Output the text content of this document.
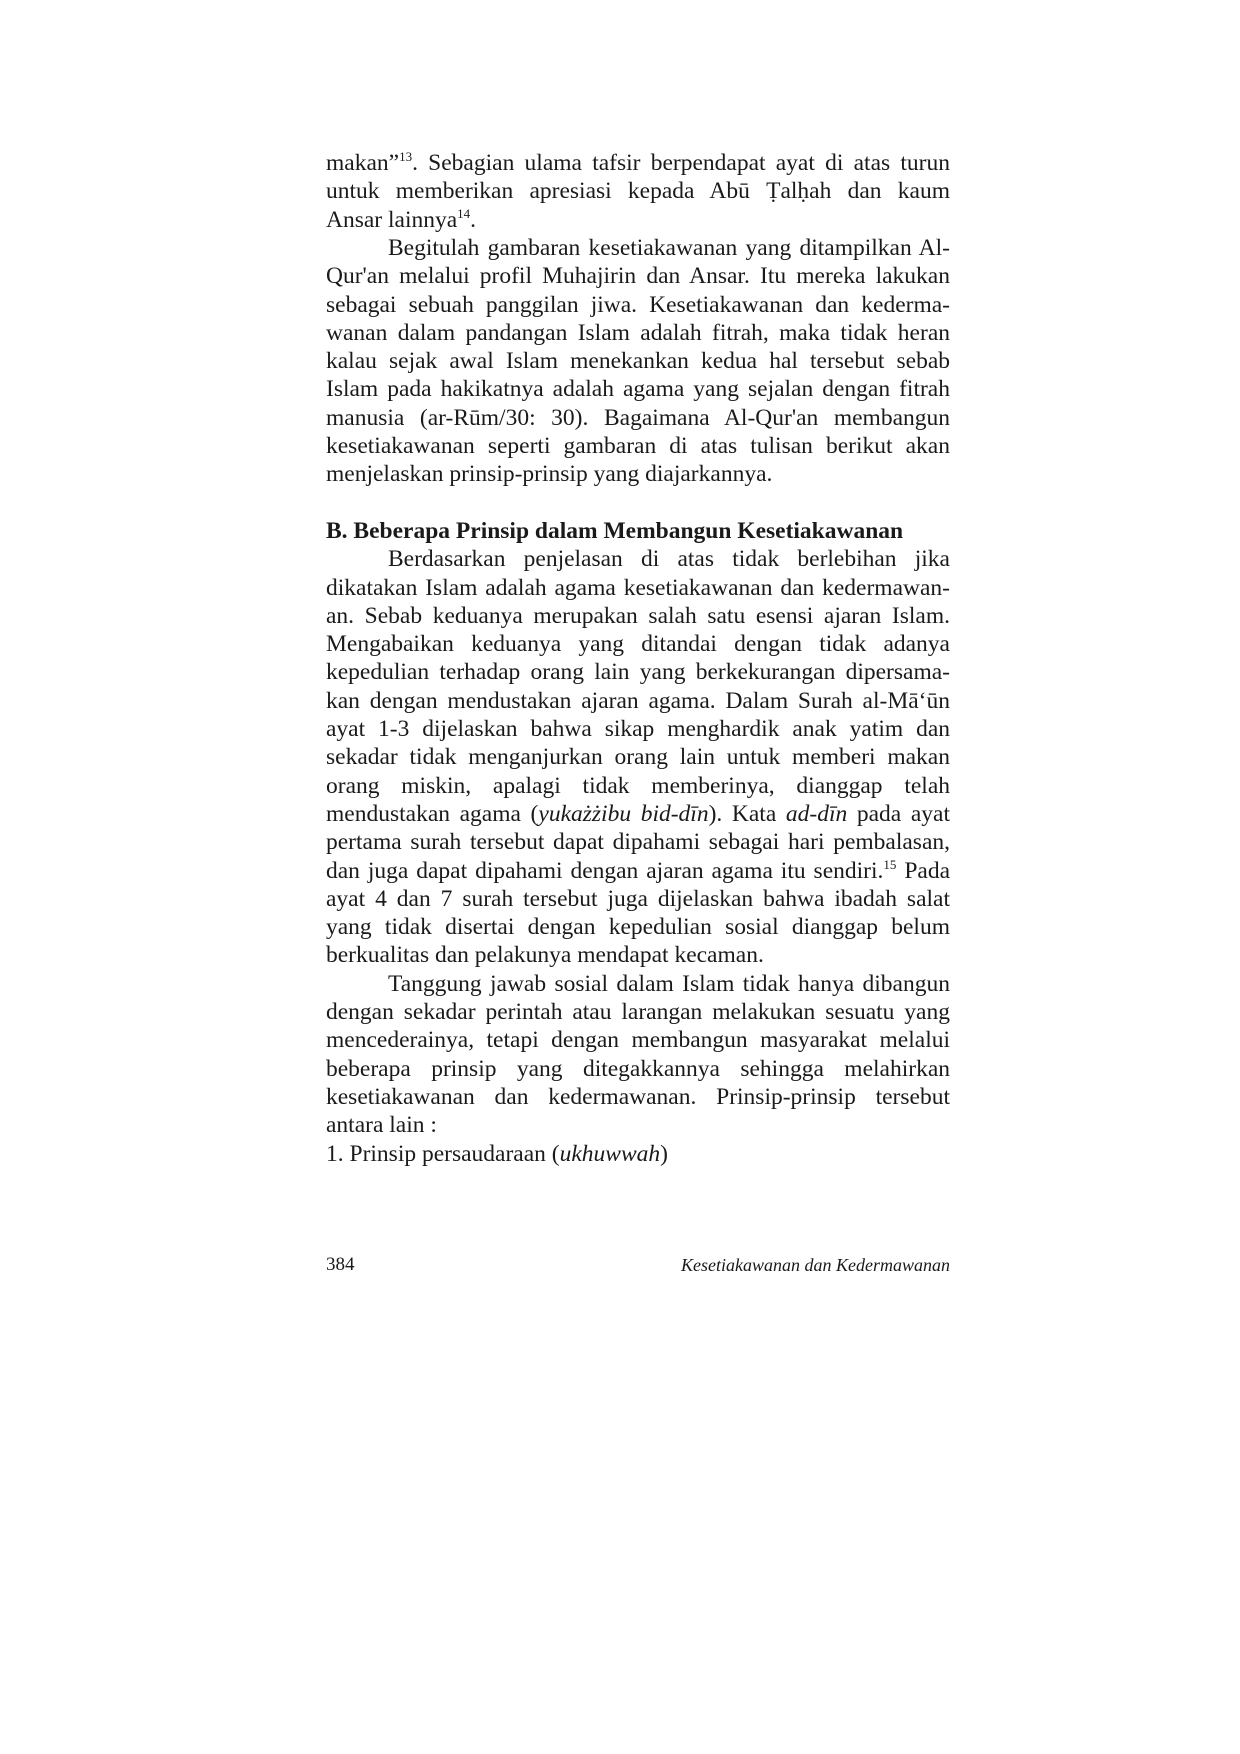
makan”$^{13}$. Sebagian ulama tafsir berpendapat ayat di atas turun
untuk memberikan apresiasi kepada Abū Ṭalḥah dan kaum
Ansar lainnya$^{14}$.
Begitulah gambaran kesetiakawanan yang ditampilkan Al-
Qur'an melalui profil Muhajirin dan Ansar. Itu mereka lakukan
sebagai sebuah panggilan jiwa. Kesetiakawanan dan kederma-
wanan dalam pandangan Islam adalah fitrah, maka tidak heran
kalau sejak awal Islam menekankan kedua hal tersebut sebab
Islam pada hakikatnya adalah agama yang sejalan dengan fitrah
manusia (ar-Rūm/30: 30). Bagaimana Al-Qur'an membangun
kesetiakawanan seperti gambaran di atas tulisan berikut akan
menjelaskan prinsip-prinsip yang diajarkannya.
B. Beberapa Prinsip dalam Membangun Kesetiakawanan
Berdasarkan penjelasan di atas tidak berlebihan jika
dikatakan Islam adalah agama kesetiakawanan dan kedermawan-
an. Sebab keduanya merupakan salah satu esensi ajaran Islam.
Mengabaikan keduanya yang ditandai dengan tidak adanya
kepedulian terhadap orang lain yang berkekurangan dipersama-
kan dengan mendustakan ajaran agama. Dalam Surah al-Mā‘ūn
ayat 1-3 dijelaskan bahwa sikap menghardik anak yatim dan
sekadar tidak menganjurkan orang lain untuk memberi makan
orang miskin, apalagi tidak memberinya, dianggap telah
mendustakan agama (yukażżibu bid-dīn). Kata ad-dīn pada ayat
pertama surah tersebut dapat dipahami sebagai hari pembalasan,
dan juga dapat dipahami dengan ajaran agama itu sendiri.$^{15}$ Pada
ayat 4 dan 7 surah tersebut juga dijelaskan bahwa ibadah salat
yang tidak disertai dengan kepedulian sosial dianggap belum
berkualitas dan pelakunya mendapat kecaman.
Tanggung jawab sosial dalam Islam tidak hanya dibangun
dengan sekadar perintah atau larangan melakukan sesuatu yang
mencederainya, tetapi dengan membangun masyarakat melalui
beberapa prinsip yang ditegakkannya sehingga melahirkan
kesetiakawanan dan kedermawanan. Prinsip-prinsip tersebut
antara lain :
1. Prinsip persaudaraan (ukhuwwah)
384	Kesetiakawanan dan Kedermawanan
